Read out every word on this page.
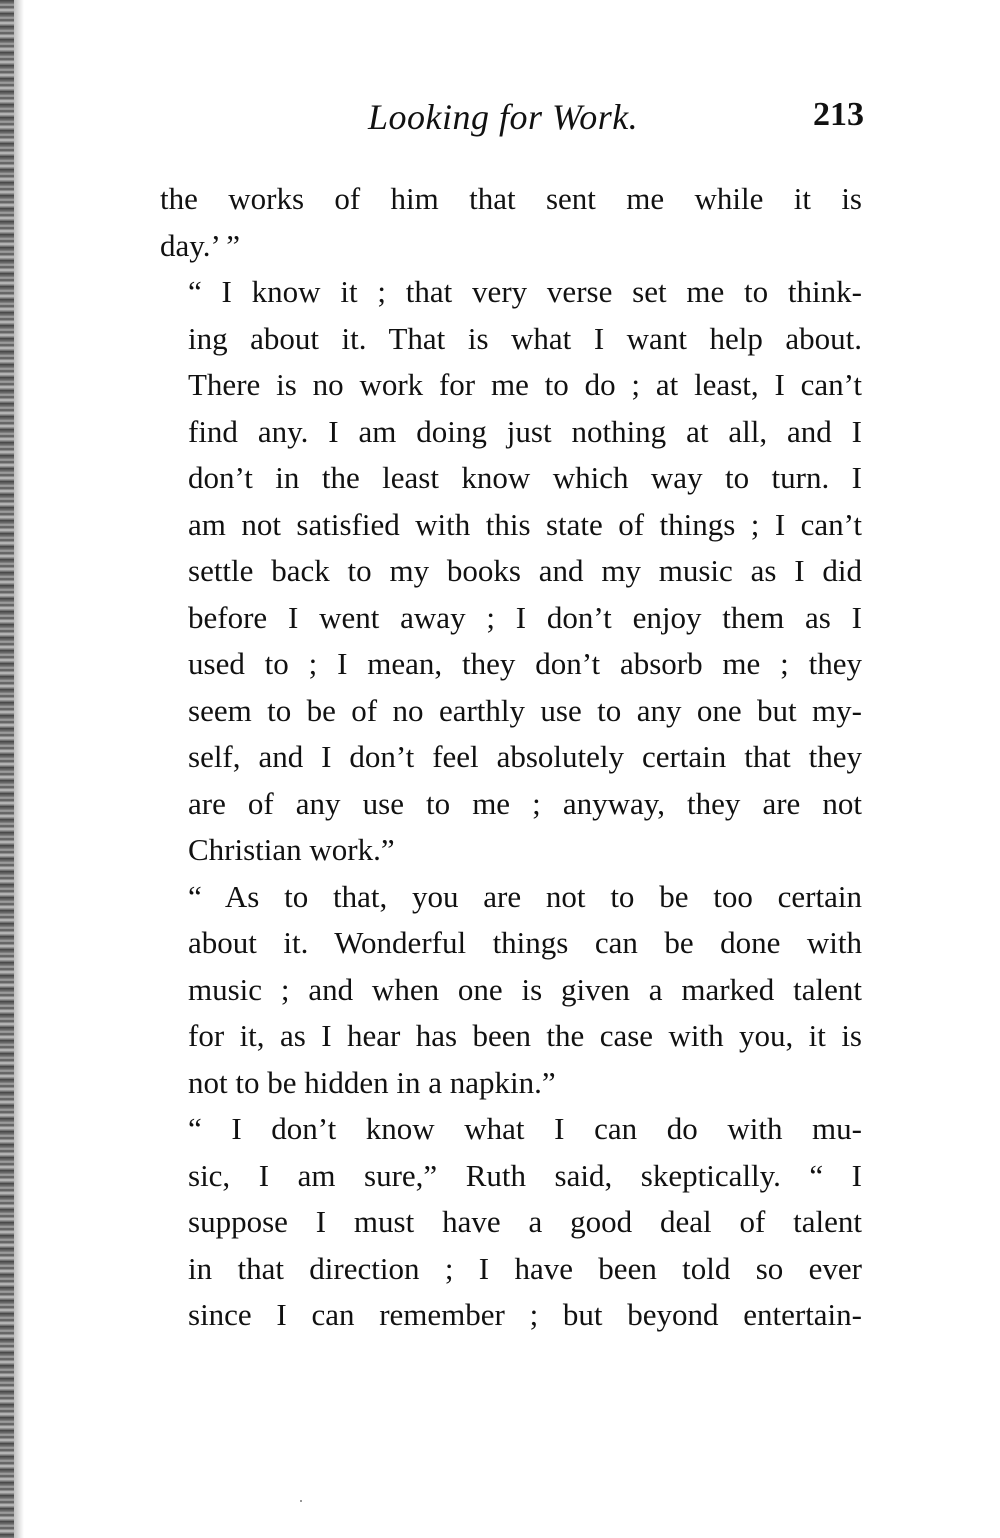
Looking for Work.	213

the works of him that sent me while it is
day.’ ”

“ I know it ; that very verse set me to think-
ing about it. That is what I want help about.
There is no work for me to do ; at least, I can’t
find any. I am doing just nothing at all, and I
don’t in the least know which way to turn. I
am not satisfied with this state of things ; I can’t
settle back to my books and my music as I did
before I went away ; I don’t enjoy them as I
used to ; I mean, they don’t absorb me ; they
seem to be of no earthly use to any one but my-
self, and I don’t feel absolutely certain that they
are of any use to me ; anyway, they are not
Christian work.”

“ As to that, you are not to be too certain
about it. Wonderful things can be done with
music ; and when one is given a marked talent
for it, as I hear has been the case with you, it is
not to be hidden in a napkin.”

“ I don’t know what I can do with mu-
sic, I am sure,” Ruth said, skeptically. “ I
suppose I must have a good deal of talent
in that direction ; I have been told so ever
since I can remember ; but beyond entertain-
